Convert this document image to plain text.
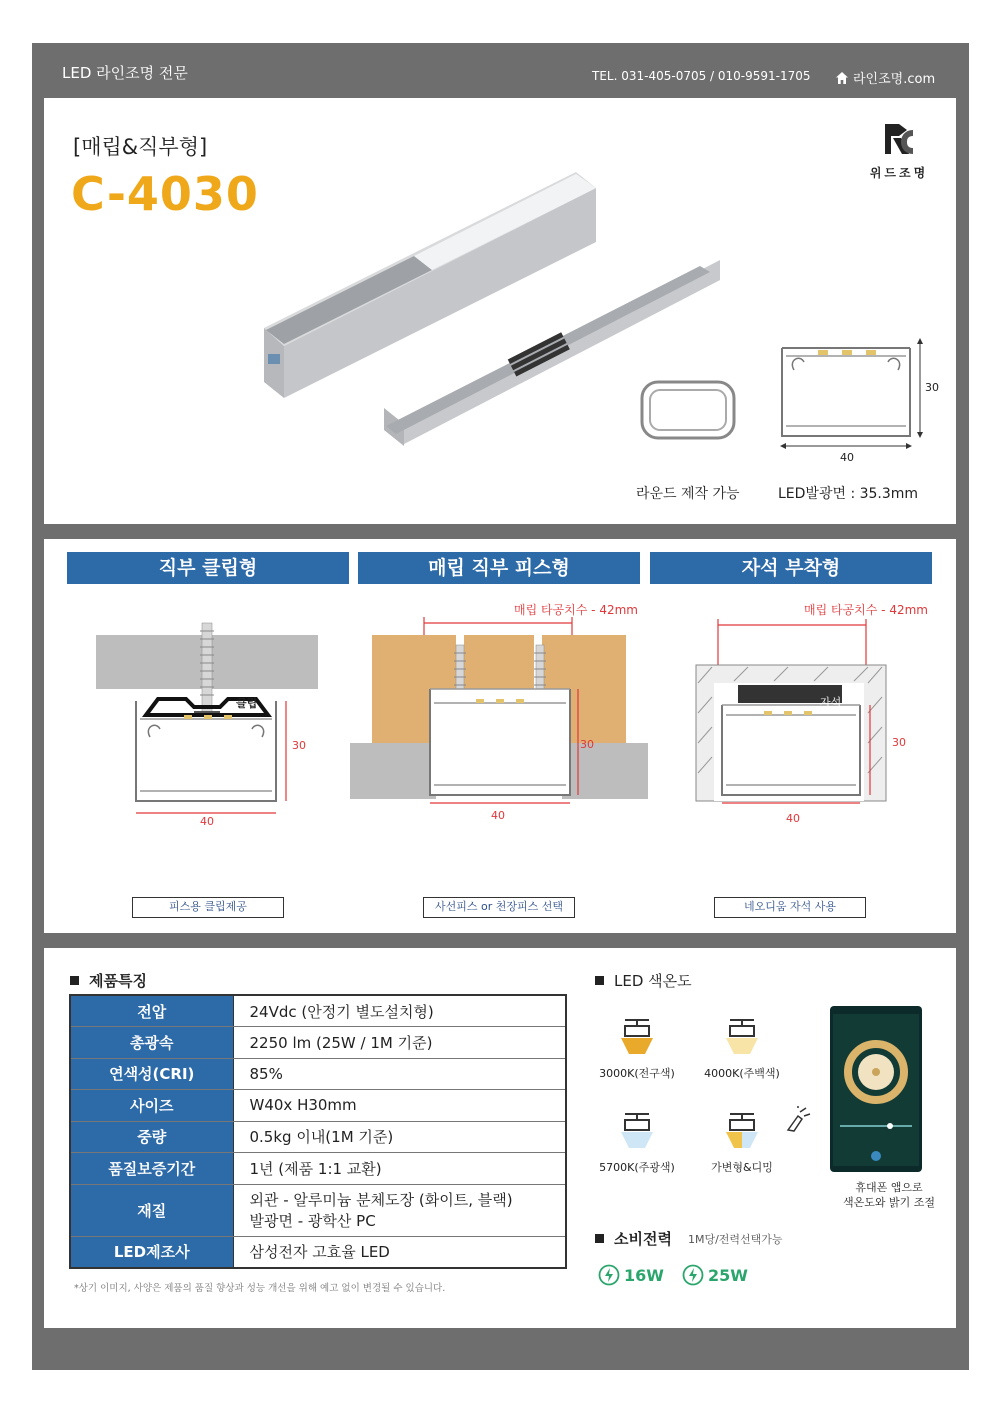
LED 라인조명 전문	TEL. 031-405-0705 / 010-9591-1705	라인조명.com
[매립&직부형]
C-4030	위드조명
30
40
라운드 제작 가능	LED발광면 : 35.3mm
직부 클립형
클립
30
40
피스용 클립제공
매립 직부 피스형
매립 타공치수 - 42mm
30
40
사선피스 or 천장피스 선택
자석 부착형
매립 타공치수 - 42mm
자석
30
40
네오디움 자석 사용
제품특징
전압	24Vdc (안정기 별도설치형)
총광속	2250 lm (25W / 1M 기준)
연색성(CRI)	85%
사이즈	W40x H30mm
중량	0.5kg 이내(1M 기준)
품질보증기간	1년 (제품 1:1 교환)
재질	외관 - 알루미늄 분체도장 (화이트, 블랙)
발광면 - 광학산 PC

LED제조사	삼성전자 고효율 LED
*상기 이미지, 사양은 제품의 품질 향상과 성능 개선을 위해 예고 없이 변경될 수 있습니다.
LED 색온도
3000K(전구색)	4000K(주백색)
5700K(주광색)	가변형&디밍
휴대폰 앱으로
색온도와 밝기 조절
소비전력 1M당/전력선택가능
16W	25W
